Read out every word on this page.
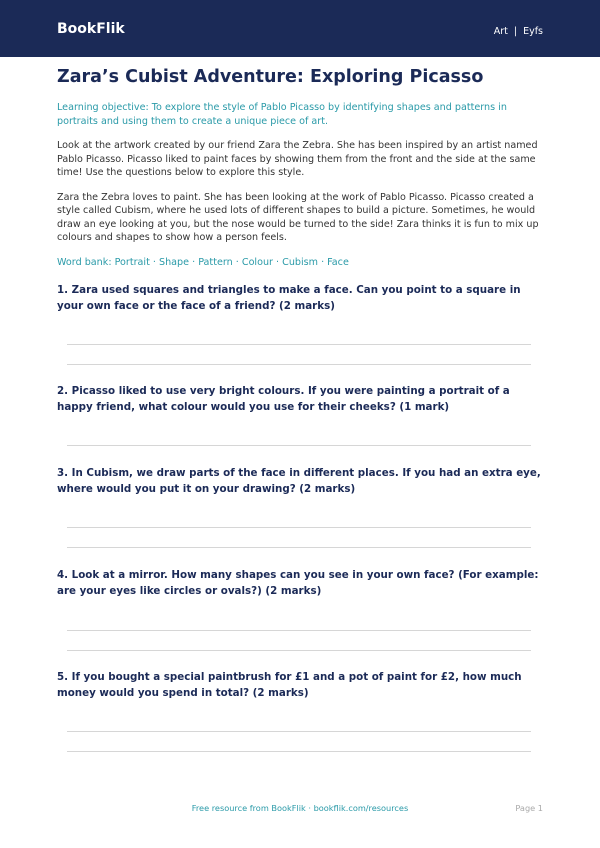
BookFlik	Art | Eyfs
Zara’s Cubist Adventure: Exploring Picasso
Learning objective: To explore the style of Pablo Picasso by identifying shapes and patterns in portraits and using them to create a unique piece of art.
Look at the artwork created by our friend Zara the Zebra. She has been inspired by an artist named Pablo Picasso. Picasso liked to paint faces by showing them from the front and the side at the same time! Use the questions below to explore this style.
Zara the Zebra loves to paint. She has been looking at the work of Pablo Picasso. Picasso created a style called Cubism, where he used lots of different shapes to build a picture. Sometimes, he would draw an eye looking at you, but the nose would be turned to the side! Zara thinks it is fun to mix up colours and shapes to show how a person feels.
Word bank: Portrait · Shape · Pattern · Colour · Cubism · Face
1. Zara used squares and triangles to make a face. Can you point to a square in your own face or the face of a friend? (2 marks)
2. Picasso liked to use very bright colours. If you were painting a portrait of a happy friend, what colour would you use for their cheeks? (1 mark)
3. In Cubism, we draw parts of the face in different places. If you had an extra eye, where would you put it on your drawing? (2 marks)
4. Look at a mirror. How many shapes can you see in your own face? (For example: are your eyes like circles or ovals?) (2 marks)
5. If you bought a special paintbrush for £1 and a pot of paint for £2, how much money would you spend in total? (2 marks)
Free resource from BookFlik · bookflik.com/resources	Page 1
